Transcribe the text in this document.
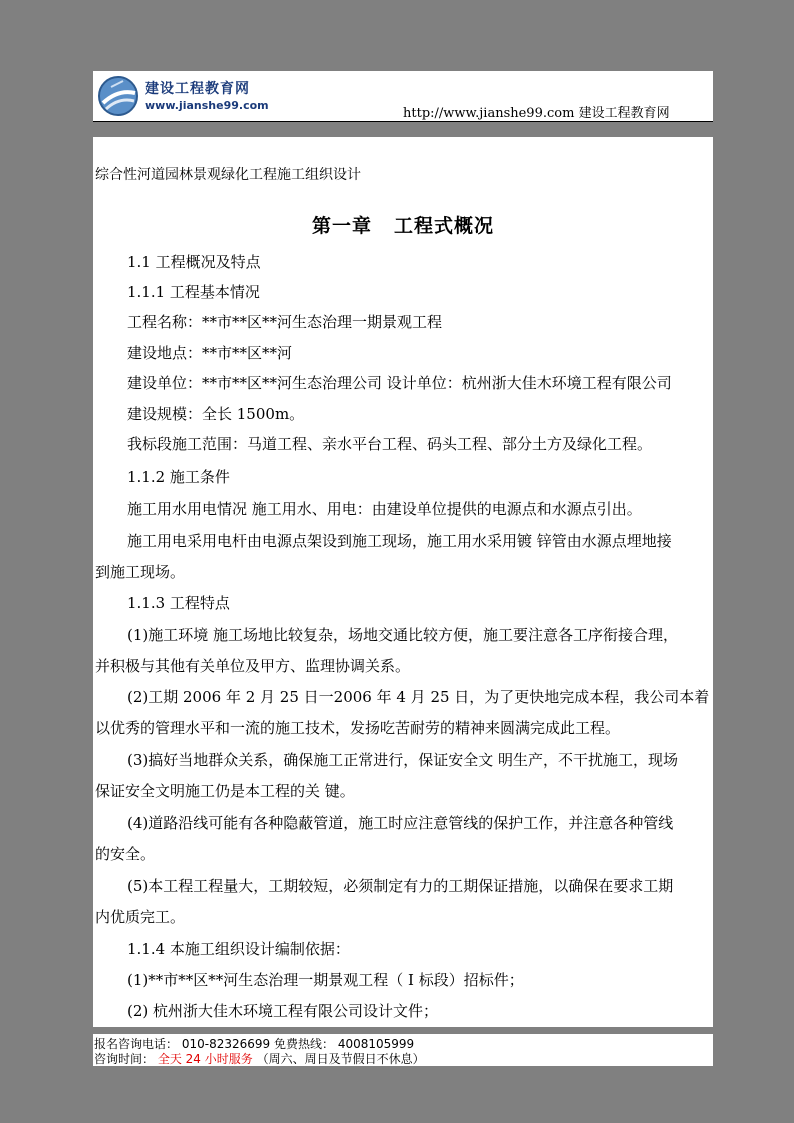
建设工程教育网
www.jianshe99.com
http://www.jianshe99.com 建设工程教育网
综合性河道园林景观绿化工程施工组织设计
第一章 工程式概况
1.1 工程概况及特点
1.1.1 工程基本情况
工程名称：**市**区**河生态治理一期景观工程
建设地点：**市**区**河
建设单位：**市**区**河生态治理公司 设计单位：杭州浙大佳木环境工程有限公司
建设规模：全长 1500m。
我标段施工范围：马道工程、亲水平台工程、码头工程、部分土方及绿化工程。
1.1.2 施工条件
施工用水用电情况 施工用水、用电：由建设单位提供的电源点和水源点引出。
施工用电采用电杆由电源点架设到施工现场，施工用水采用镀 锌管由水源点埋地接
到施工现场。
1.1.3 工程特点
(1)施工环境 施工场地比较复杂，场地交通比较方便，施工要注意各工序衔接合理，
并积极与其他有关单位及甲方、监理协调关系。
(2)工期 2006 年 2 月 25 日一2006 年 4 月 25 日，为了更快地完成本程，我公司本着
以优秀的管理水平和一流的施工技术，发扬吃苦耐劳的精神来圆满完成此工程。
(3)搞好当地群众关系，确保施工正常进行，保证安全文 明生产，不干扰施工，现场
保证安全文明施工仍是本工程的关 键。
(4)道路沿线可能有各种隐蔽管道，施工时应注意管线的保护工作，并注意各种管线
的安全。
(5)本工程工程量大，工期较短，必须制定有力的工期保证措施，以确保在要求工期
内优质完工。
1.1.4 本施工组织设计编制依据：
(1)**市**区**河生态治理一期景观工程（ I 标段）招标件；
(2) 杭州浙大佳木环境工程有限公司设计文件；
报名咨询电话： 010-82326699 免费热线： 4008105999
咨询时间： 全天 24 小时服务 （周六、周日及节假日不休息）
